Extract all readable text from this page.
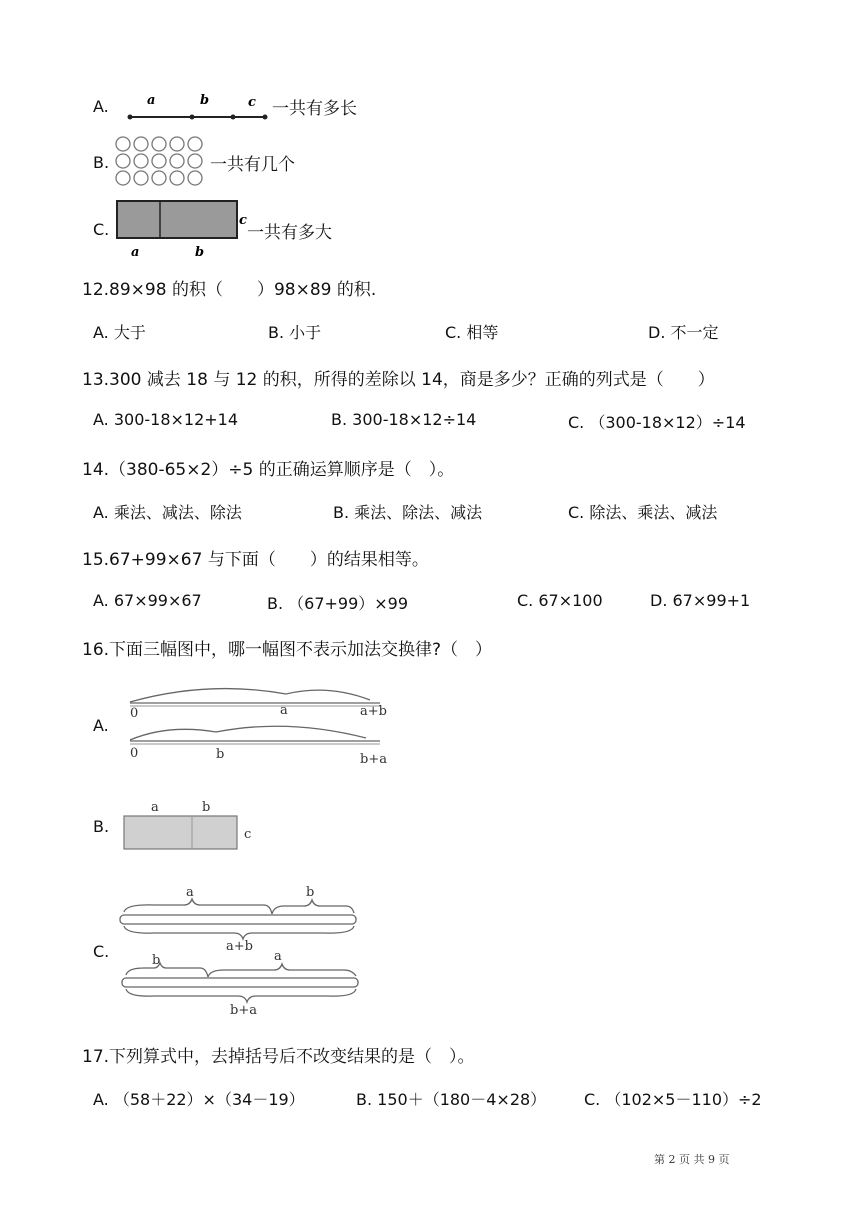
A.	a	b	c 一共有多长
B.	一共有几个
C.	c
a	b
一共有多大
12.89×98 的积（　　）98×89 的积.
A. 大于	B. 小于	C. 相等	D. 不一定
13.300 减去 18 与 12 的积，所得的差除以 14，商是多少？正确的列式是（　　）
A. 300-18×12+14	B. 300-18×12÷14	C. （300-18×12）÷14
14.（380-65×2）÷5 的正确运算顺序是（　）。
A. 乘法、减法、除法	B. 乘法、除法、减法	C. 除法、乘法、减法
15.67+99×67 与下面（　　）的结果相等。
A. 67×99×67	B. （67+99）×99	C. 67×100	D. 67×99+1
16.下面三幅图中，哪一幅图不表示加法交换律?（　）
A.
0	a	a+b
0	b	b+a
B.
a	b
c
C.
a	b
a+b
b	a
b+a
17.下列算式中，去掉括号后不改变结果的是（　）。
A. （58＋22）×（34－19）	B. 150＋（180－4×28） C. （102×5－110）÷2
第 2 页 共 9 页
